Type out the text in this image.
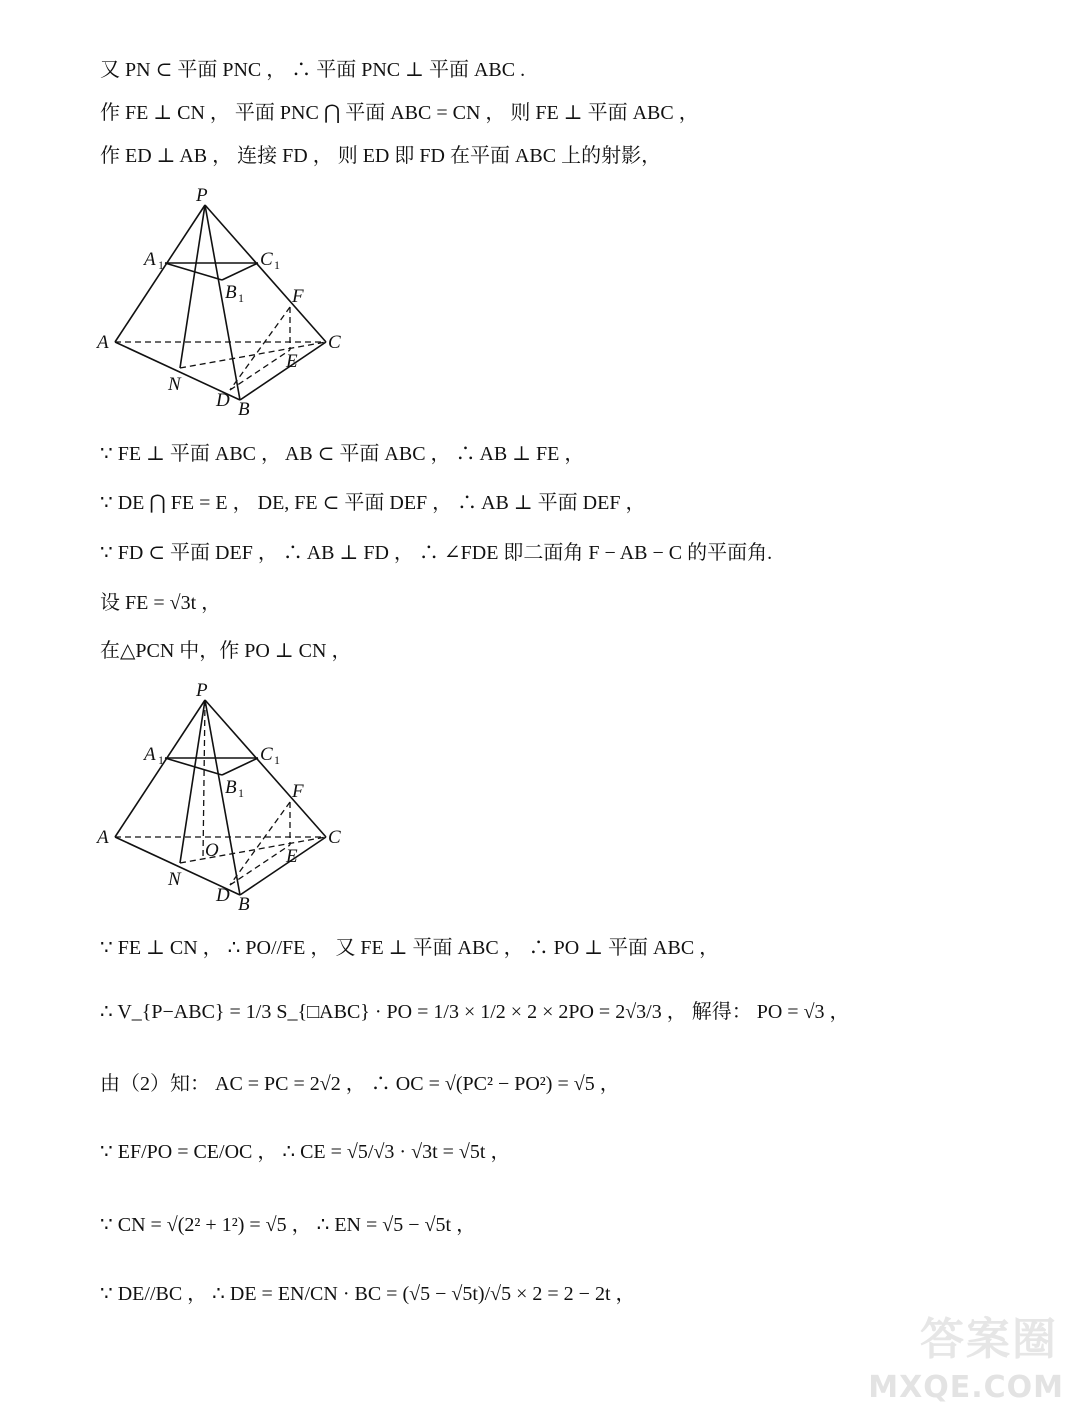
又 PN ⊂ 平面 PNC ， ∴ 平面 PNC ⊥ 平面 ABC .
作 FE ⊥ CN ， 平面 PNC ⋂ 平面 ABC = CN ， 则 FE ⊥ 平面 ABC ，
作 ED ⊥ AB ， 连接 FD ， 则 ED 即 FD 在平面 ABC 上的射影，
P
A	C
B
A 1	C 1
B 1	F
N
E
D
∵ FE ⊥ 平面 ABC ， AB ⊂ 平面 ABC ， ∴ AB ⊥ FE ，
∵ DE ⋂ FE = E ， DE, FE ⊂ 平面 DEF ， ∴ AB ⊥ 平面 DEF ，
∵ FD ⊂ 平面 DEF ， ∴ AB ⊥ FD ， ∴ ∠FDE 即二面角 F − AB − C 的平面角.
设 FE = √3t ，
在△PCN 中，作 PO ⊥ CN ，
P
A	C
B
A 1	C 1
B 1	F
N
E
D
O
∵ FE ⊥ CN ， ∴ PO//FE ， 又 FE ⊥ 平面 ABC ， ∴ PO ⊥ 平面 ABC ，
∴ V_{P−ABC} = 1/3 S_{□ABC} · PO = 1/3 × 1/2 × 2 × 2PO = 2√3/3 ， 解得： PO = √3 ，
由（2）知： AC = PC = 2√2 ， ∴ OC = √(PC² − PO²) = √5 ，
∵ EF/PO = CE/OC ， ∴ CE = √5/√3 · √3t = √5t ，
∵ CN = √(2² + 1²) = √5 ， ∴ EN = √5 − √5t ，
∵ DE//BC ， ∴ DE = EN/CN · BC = (√5 − √5t)/√5 × 2 = 2 − 2t ，
答案圈
MXQE.COM
